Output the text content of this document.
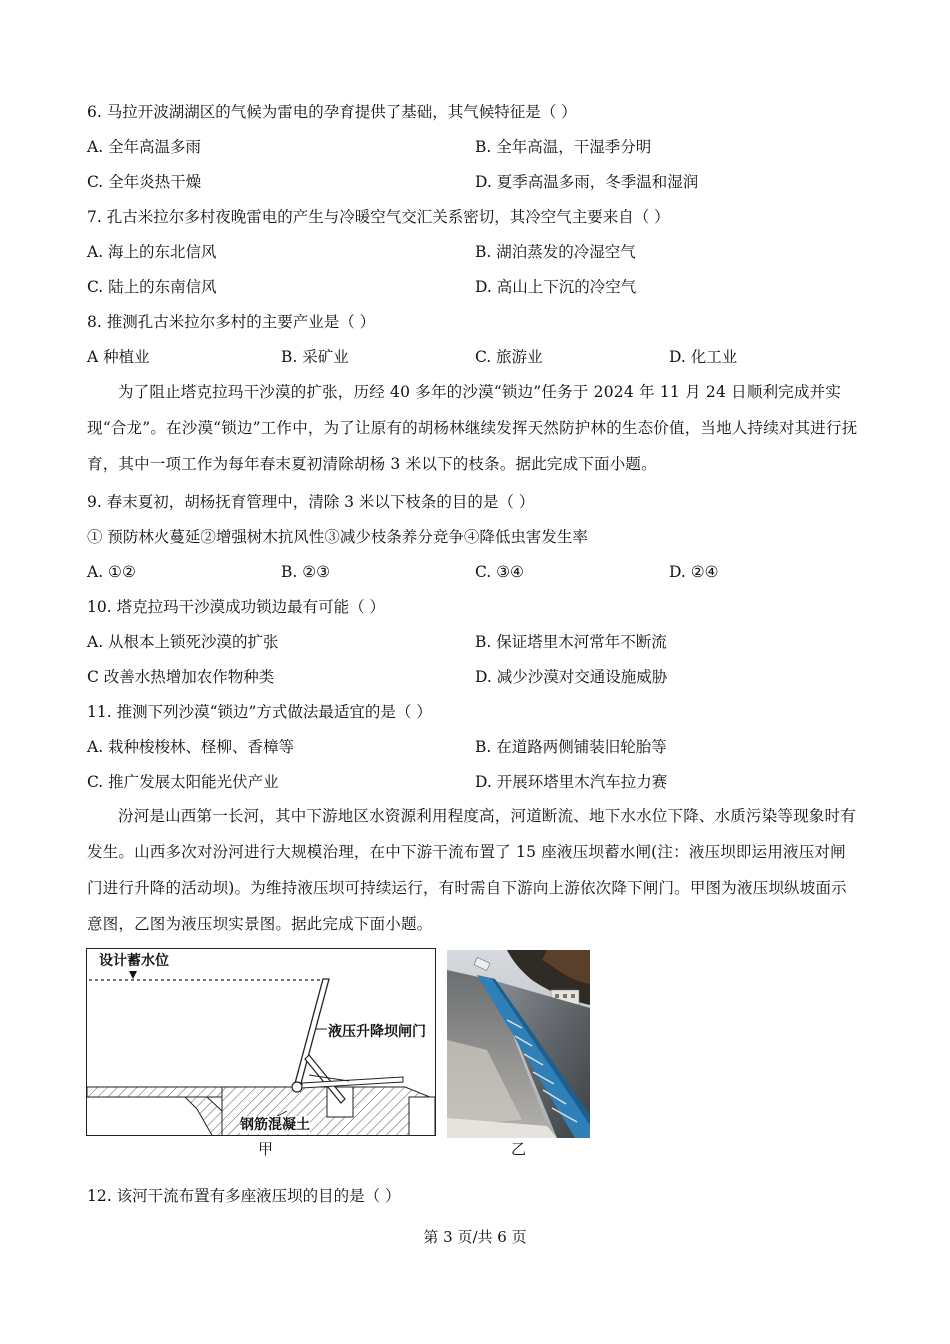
6. 马拉开波湖湖区的气候为雷电的孕育提供了基础，其气候特征是（ ）
A. 全年高温多雨	B. 全年高温，干湿季分明
C. 全年炎热干燥	D. 夏季高温多雨，冬季温和湿润
7. 孔古米拉尔多村夜晚雷电的产生与冷暖空气交汇关系密切，其冷空气主要来自（ ）
A. 海上的东北信风	B. 湖泊蒸发的冷湿空气
C. 陆上的东南信风	D. 高山上下沉的冷空气
8. 推测孔古米拉尔多村的主要产业是（ ）
A 种植业	B. 采矿业	C. 旅游业	D. 化工业
为了阻止塔克拉玛干沙漠的扩张，历经 40 多年的沙漠“锁边”任务于 2024 年 11 月 24 日顺利完成并实现“合龙”。在沙漠“锁边”工作中，为了让原有的胡杨林继续发挥天然防护林的生态价值，当地人持续对其进行抚育，其中一项工作为每年春末夏初清除胡杨 3 米以下的枝条。据此完成下面小题。
9. 春末夏初，胡杨抚育管理中，清除 3 米以下枝条的目的是（ ）
① 预防林火蔓延②增强树木抗风性③减少枝条养分竞争④降低虫害发生率
A. ①②	B. ②③	C. ③④	D. ②④
10. 塔克拉玛干沙漠成功锁边最有可能（ ）
A. 从根本上锁死沙漠的扩张	B. 保证塔里木河常年不断流
C 改善水热增加农作物种类	D. 减少沙漠对交通设施威胁
11. 推测下列沙漠“锁边”方式做法最适宜的是（ ）
A. 栽种梭梭林、柽柳、香樟等	B. 在道路两侧铺装旧轮胎等
C. 推广发展太阳能光伏产业	D. 开展环塔里木汽车拉力赛
汾河是山西第一长河，其中下游地区水资源利用程度高，河道断流、地下水水位下降、水质污染等现象时有发生。山西多次对汾河进行大规模治理，在中下游干流布置了 15 座液压坝蓄水闸(注：液压坝即运用液压对闸门进行升降的活动坝)。为维持液压坝可持续运行，有时需自下游向上游依次降下闸门。甲图为液压坝纵坡面示意图，乙图为液压坝实景图。据此完成下面小题。
设计蓄水位
液压升降坝闸门
钢筋混凝土
甲	乙
12. 该河干流布置有多座液压坝的目的是（ ）
第 3 页/共 6 页
